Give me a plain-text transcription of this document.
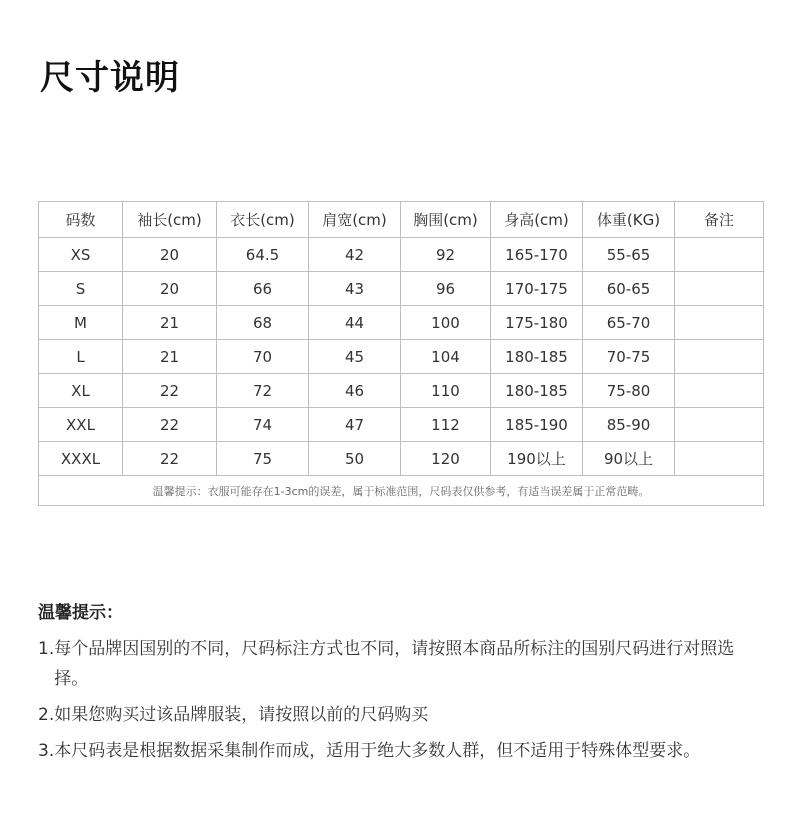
尺寸说明
码数	袖长(cm)	衣长(cm)	肩宽(cm)	胸围(cm)	身高(cm)	体重(KG)	备注
XS	20	64.5	42	92	165-170	55-65	
S	20	66	43	96	170-175	60-65	
M	21	68	44	100	175-180	65-70	
L	21	70	45	104	180-185	70-75	
XL	22	72	46	110	180-185	75-80	
XXL	22	74	47	112	185-190	85-90	
XXXL	22	75	50	120	190以上	90以上	
温馨提示：衣服可能存在1-3cm的误差，属于标准范围，尺码表仅供参考，有适当误差属于正常范畴。							
温馨提示：
1. 每个品牌因国别的不同，尺码标注方式也不同，请按照本商品所标注的国别尺码进行对照选择。
2. 如果您购买过该品牌服装，请按照以前的尺码购买
3. 本尺码表是根据数据采集制作而成，适用于绝大多数人群，但不适用于特殊体型要求。
